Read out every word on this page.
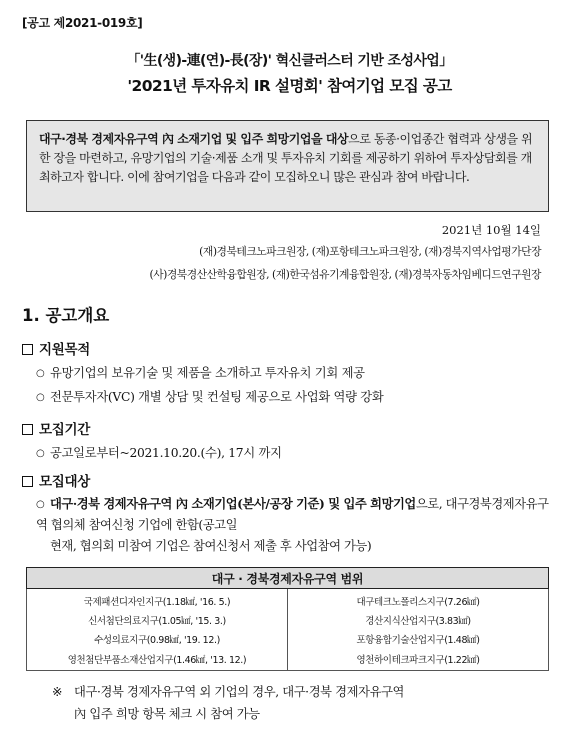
[공고 제2021-019호]
「'生(생)-連(연)-長(장)' 혁신클러스터 기반 조성사업」
'2021년 투자유치 IR 설명회' 참여기업 모집 공고
대구·경북 경제자유구역 內 소재기업 및 입주 희망기업을 대상으로 동종·이업종간 협력과 상생을 위한 장을 마련하고, 유망기업의 기술·제품 소개 및 투자유치 기회를 제공하기 위하여 투자상담회를 개최하고자 합니다. 이에 참여기업을 다음과 같이 모집하오니 많은 관심과 참여 바랍니다.
2021년 10월 14일
(재)경북테크노파크원장, (재)포항테크노파크원장, (재)경북지역사업평가단장
(사)경북경산산학융합원장, (재)한국섬유기계융합원장, (재)경북자동차임베디드연구원장
1. 공고개요
지원목적
○ 유망기업의 보유기술 및 제품을 소개하고 투자유치 기회 제공
○ 전문투자자(VC) 개별 상담 및 컨설팅 제공으로 사업화 역량 강화
모집기간
○ 공고일로부터~2021.10.20.(수), 17시 까지
모집대상
○ 대구·경북 경제자유구역 內 소재기업(본사/공장 기준) 및 입주 희망기업으로, 대구경북경제자유구역 협의체 참여신청 기업에 한함(공고일
현재, 협의회 미참여 기업은 참여신청서 제출 후 사업참여 가능)
대구 · 경북경제자유구역 범위

국제패션디자인지구(1.18㎢, '16. 5.)
신서첨단의료지구(1.05㎢, '15. 3.)
수성의료지구(0.98㎢, '19. 12.)
영천첨단부품소재산업지구(1.46㎢, '13. 12.)

대구테크노폴리스지구(7.26㎢)
경산지식산업지구(3.83㎢)
포항융합기술산업지구(1.48㎢)
영천하이테크파크지구(1.22㎢)
※ 대구·경북 경제자유구역 외 기업의 경우, 대구·경북 경제자유구역
內 입주 희망 항목 체크 시 참여 가능
